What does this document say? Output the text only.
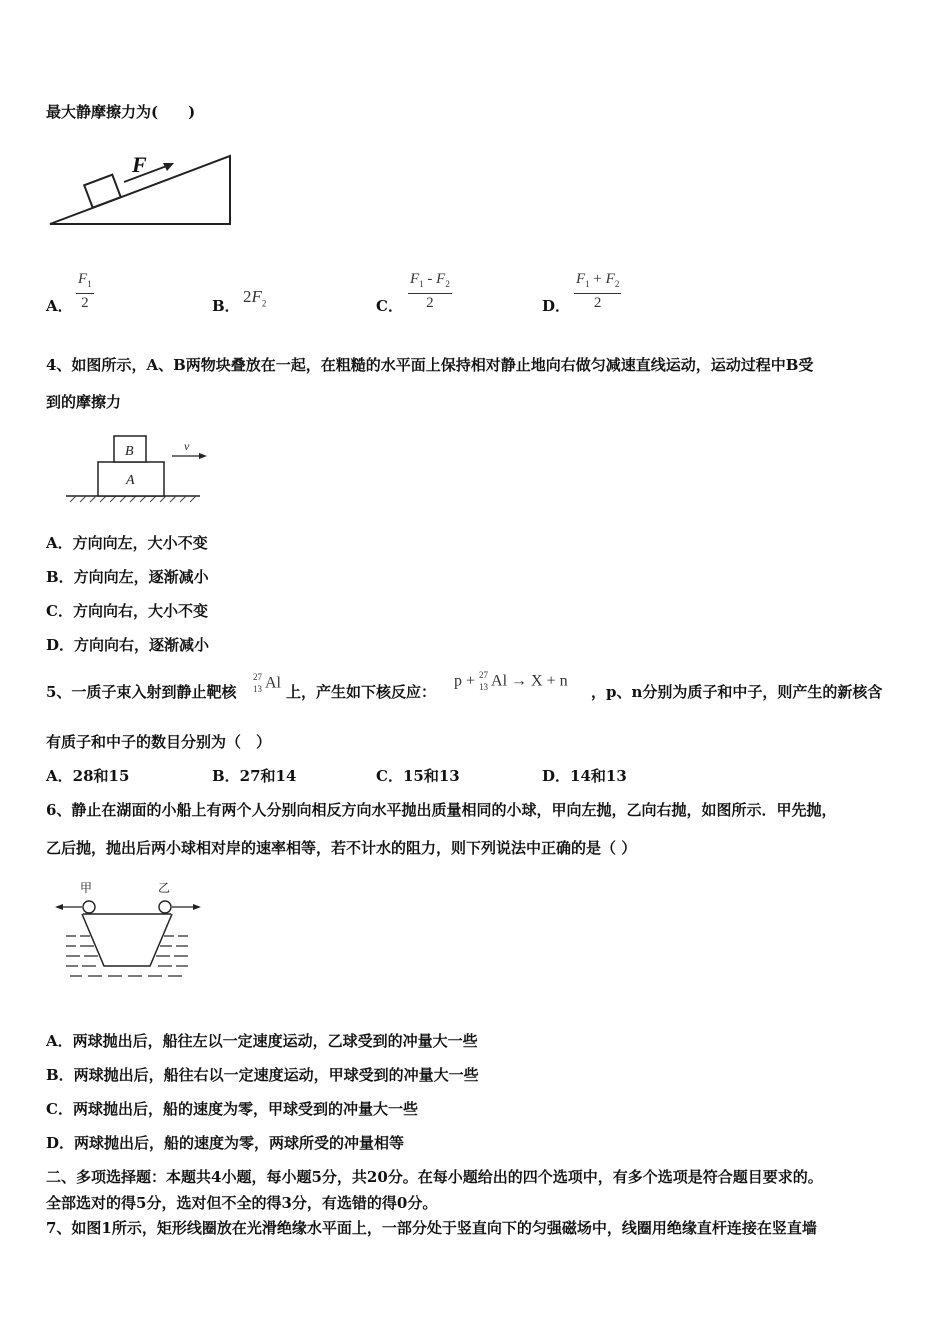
最大静摩擦力为(　　)
F
A． $\frac{F_1}{2}$	B． $2F_2$	C． $\frac{F_1 - F_2}{2}$	D． $\frac{F_1 + F_2}{2}$
4、如图所示，A、B两物块叠放在一起，在粗糙的水平面上保持相对静止地向右做匀减速直线运动，运动过程中B受
到的摩擦力
A
B	v
A．方向向左，大小不变
B．方向向左，逐渐减小
C．方向向右，大小不变
D．方向向右，逐渐减小
5、一质子束入射到静止靶核
27
13 Al 上，产生如下核反应：
p + 27
13 Al → X + n
，p、n分别为质子和中子，则产生的新核含
有质子和中子的数目分别为（　）
A．28和15	B．27和14	C．15和13	D．14和13
6、静止在湖面的小船上有两个人分别向相反方向水平抛出质量相同的小球，甲向左抛，乙向右抛，如图所示．甲先抛，
乙后抛，抛出后两小球相对岸的速率相等，若不计水的阻力，则下列说法中正确的是（ ）
甲	乙
A．两球抛出后，船往左以一定速度运动，乙球受到的冲量大一些
B．两球抛出后，船往右以一定速度运动，甲球受到的冲量大一些
C．两球抛出后，船的速度为零，甲球受到的冲量大一些
D．两球抛出后，船的速度为零，两球所受的冲量相等
二、多项选择题：本题共4小题，每小题5分，共20分。在每小题给出的四个选项中，有多个选项是符合题目要求的。
全部选对的得5分，选对但不全的得3分，有选错的得0分。
7、如图1所示，矩形线圈放在光滑绝缘水平面上，一部分处于竖直向下的匀强磁场中，线圈用绝缘直杆连接在竖直墙
